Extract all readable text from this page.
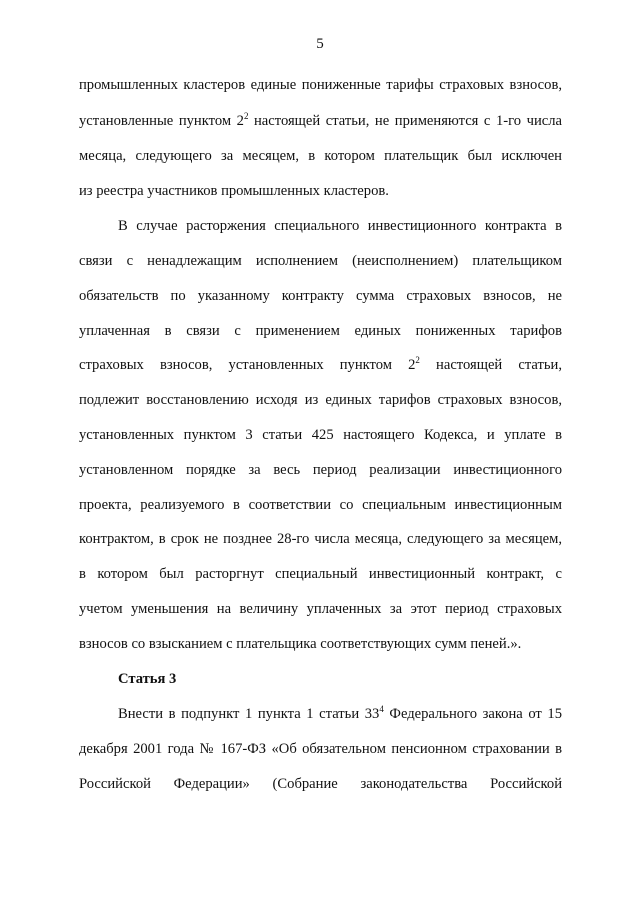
5
промышленных кластеров единые пониженные тарифы страховых взносов,
установленные пунктом $2^2$ настоящей статьи, не применяются с 1-го числа
месяца, следующего за месяцем, в котором плательщик был исключен
из реестра участников промышленных кластеров.
В случае расторжения специального инвестиционного контракта в
связи с ненадлежащим исполнением (неисполнением) плательщиком
обязательств по указанному контракту сумма страховых взносов, не
уплаченная в связи с применением единых пониженных тарифов
страховых взносов, установленных пунктом $2^2$ настоящей статьи,
подлежит восстановлению исходя из единых тарифов страховых взносов,
установленных пунктом 3 статьи 425 настоящего Кодекса, и уплате в
установленном порядке за весь период реализации инвестиционного
проекта, реализуемого в соответствии со специальным инвестиционным
контрактом, в срок не позднее 28-го числа месяца, следующего за месяцем,
в котором был расторгнут специальный инвестиционный контракт, с
учетом уменьшения на величину уплаченных за этот период страховых
взносов со взысканием с плательщика соответствующих сумм пеней.».
Статья 3
Внести в подпункт 1 пункта 1 статьи $33^4$ Федерального закона от 15
декабря 2001 года № 167-ФЗ «Об обязательном пенсионном страховании в
Российской Федерации» (Собрание законодательства Российской
